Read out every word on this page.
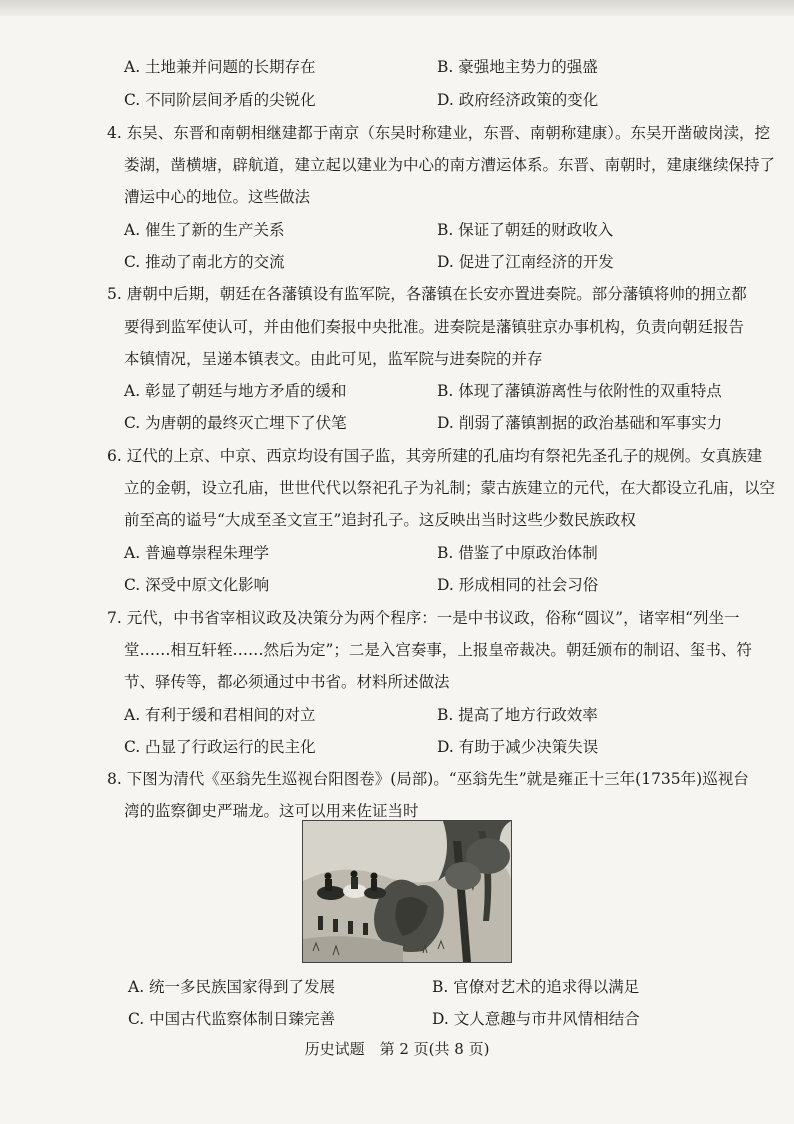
A. 土地兼并问题的长期存在	B. 豪强地主势力的强盛
C. 不同阶层间矛盾的尖锐化	D. 政府经济政策的变化
4. 东吴、东晋和南朝相继建都于南京（东吴时称建业，东晋、南朝称建康）。东吴开凿破岗渎，挖
娄湖，凿横塘，辟航道，建立起以建业为中心的南方漕运体系。东晋、南朝时，建康继续保持了
漕运中心的地位。这些做法
A. 催生了新的生产关系	B. 保证了朝廷的财政收入
C. 推动了南北方的交流	D. 促进了江南经济的开发
5. 唐朝中后期，朝廷在各藩镇设有监军院，各藩镇在长安亦置进奏院。部分藩镇将帅的拥立都
要得到监军使认可，并由他们奏报中央批准。进奏院是藩镇驻京办事机构，负责向朝廷报告
本镇情况，呈递本镇表文。由此可见，监军院与进奏院的并存
A. 彰显了朝廷与地方矛盾的缓和	B. 体现了藩镇游离性与依附性的双重特点
C. 为唐朝的最终灭亡埋下了伏笔	D. 削弱了藩镇割据的政治基础和军事实力
6. 辽代的上京、中京、西京均设有国子监，其旁所建的孔庙均有祭祀先圣孔子的规例。女真族建
立的金朝，设立孔庙，世世代代以祭祀孔子为礼制；蒙古族建立的元代，在大都设立孔庙，以空
前至高的谥号“大成至圣文宣王”追封孔子。这反映出当时这些少数民族政权
A. 普遍尊崇程朱理学	B. 借鉴了中原政治体制
C. 深受中原文化影响	D. 形成相同的社会习俗
7. 元代，中书省宰相议政及决策分为两个程序：一是中书议政，俗称“圆议”，诸宰相“列坐一
堂……相互轩轾……然后为定”；二是入宫奏事，上报皇帝裁决。朝廷颁布的制诏、玺书、符
节、驿传等，都必须通过中书省。材料所述做法
A. 有利于缓和君相间的对立	B. 提高了地方行政效率
C. 凸显了行政运行的民主化	D. 有助于减少决策失误
8. 下图为清代《巫翁先生巡视台阳图卷》(局部)。“巫翁先生”就是雍正十三年(1735年)巡视台
湾的监察御史严瑞龙。这可以用来佐证当时
A. 统一多民族国家得到了发展	B. 官僚对艺术的追求得以满足
C. 中国古代监察体制日臻完善	D. 文人意趣与市井风情相结合
历史试题　第 2 页(共 8 页)
